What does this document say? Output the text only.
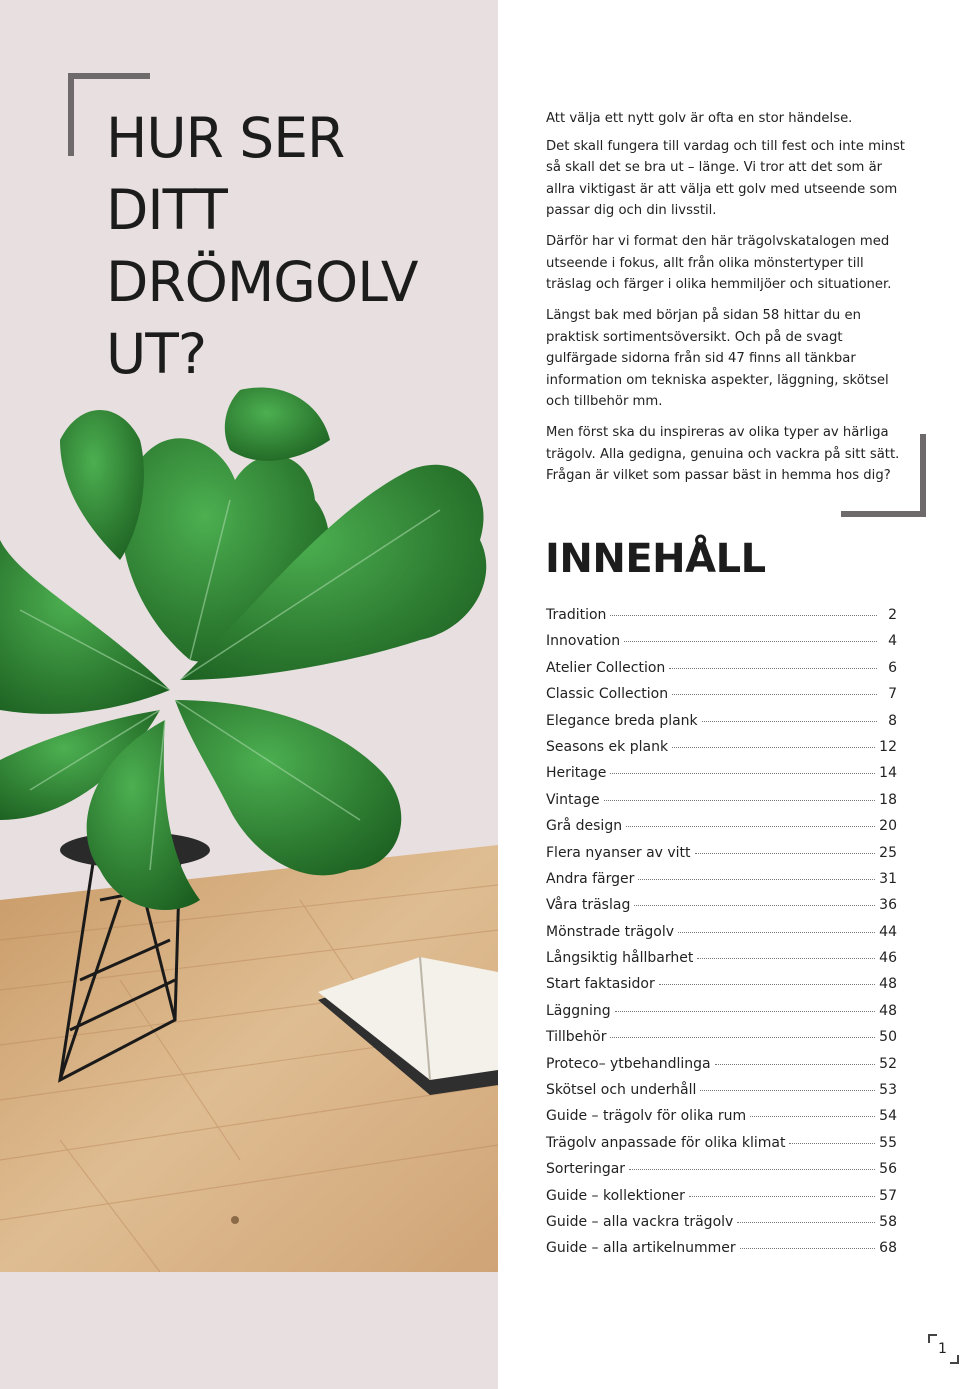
HUR SER
DITT
DRÖMGOLV
UT?

Att välja ett nytt golv är ofta en stor händelse.

Det skall fungera till vardag och till fest och inte minst så skall det se bra ut – länge. Vi tror att det som är allra viktigast är att välja ett golv med utseende som passar dig och din livsstil.

Därför har vi format den här trägolvskatalogen med utseende i fokus, allt från olika mönstertyper till träslag och färger i olika hemmiljöer och situationer.

Längst bak med början på sidan 58 hittar du en praktisk sortimentsöversikt. Och på de svagt gulfärgade sidorna från sid 47 finns all tänkbar information om tekniska aspekter, läggning, skötsel och tillbehör mm.

Men först ska du inspireras av olika typer av härliga trägolv. Alla gedigna, genuina och vackra på sitt sätt. Frågan är vilket som passar bäst in hemma hos dig?

INNEHÅLL
Tradition	2
Innovation	4
Atelier Collection	6
Classic Collection	7
Elegance breda plank	8
Seasons ek plank	12
Heritage	14
Vintage	18
Grå design	20
Flera nyanser av vitt	25
Andra färger	31
Våra träslag	36
Mönstrade trägolv	44
Långsiktig hållbarhet	46
Start faktasidor	48
Läggning	48
Tillbehör	50
Proteco– ytbehandlinga	52
Skötsel och underhåll	53
Guide – trägolv för olika rum	54
Trägolv anpassade för olika klimat	55
Sorteringar	56
Guide – kollektioner	57
Guide – alla vackra trägolv	58
Guide – alla artikelnummer	68
1
